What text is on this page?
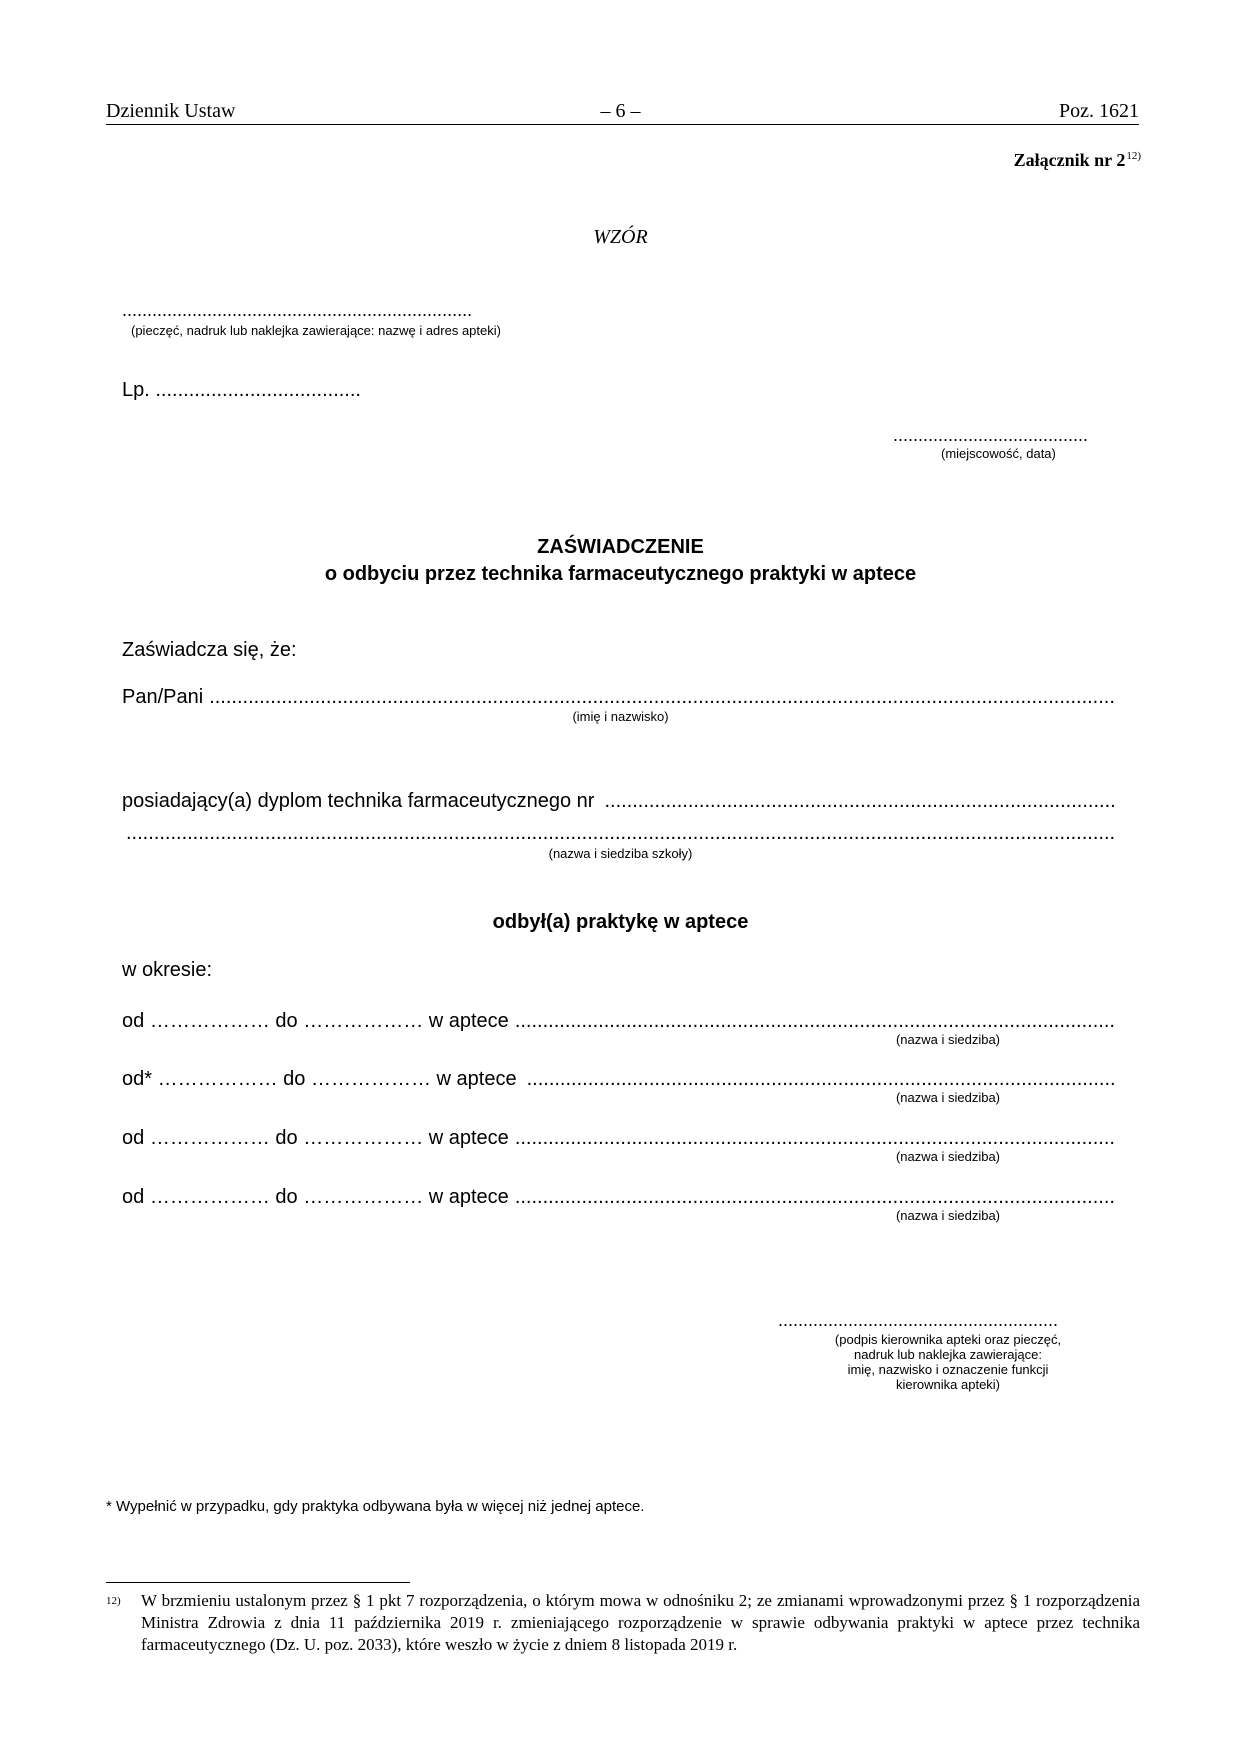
Dziennik Ustaw	– 6 –	Poz. 1621
Załącznik nr 2$^{12)}$
WZÓR
......................................................................
(pieczęć, nadruk lub naklejka zawierające: nazwę i adres apteki)
Lp. .....................................
.......................................
(miejscowość, data)
ZAŚWIADCZENIE
o odbyciu przez technika farmaceutycznego praktyki w aptece
Zaświadcza się, że:
Pan/Pani
.....
(imię i nazwisko)
posiadający(a) dyplom technika farmaceutycznego nr
.....
.....
(nazwa i siedziba szkoły)
odbył(a) praktykę w aptece
w okresie:
od
………………
do
………………
w aptece
.....
(nazwa i siedziba)
od*
………………
do
………………
w aptece
.....
(nazwa i siedziba)
od
………………
do
………………
w aptece
.....
(nazwa i siedziba)
od
………………
do
………………
w aptece
.....
(nazwa i siedziba)
........................................................
(podpis kierownika apteki oraz pieczęć,
nadruk lub naklejka zawierające:
imię, nazwisko i oznaczenie funkcji
kierownika apteki)
* Wypełnić w przypadku, gdy praktyka odbywana była w więcej niż jednej aptece.
12) W brzmieniu ustalonym przez § 1 pkt 7 rozporządzenia, o którym mowa w odnośniku 2; ze zmianami wprowadzonymi przez § 1 rozporządzenia Ministra Zdrowia z dnia 11 października 2019 r. zmieniającego rozporządzenie w sprawie odbywania praktyki w aptece przez technika farmaceutycznego (Dz. U. poz. 2033), które weszło w życie z dniem 8 listopada 2019 r.
